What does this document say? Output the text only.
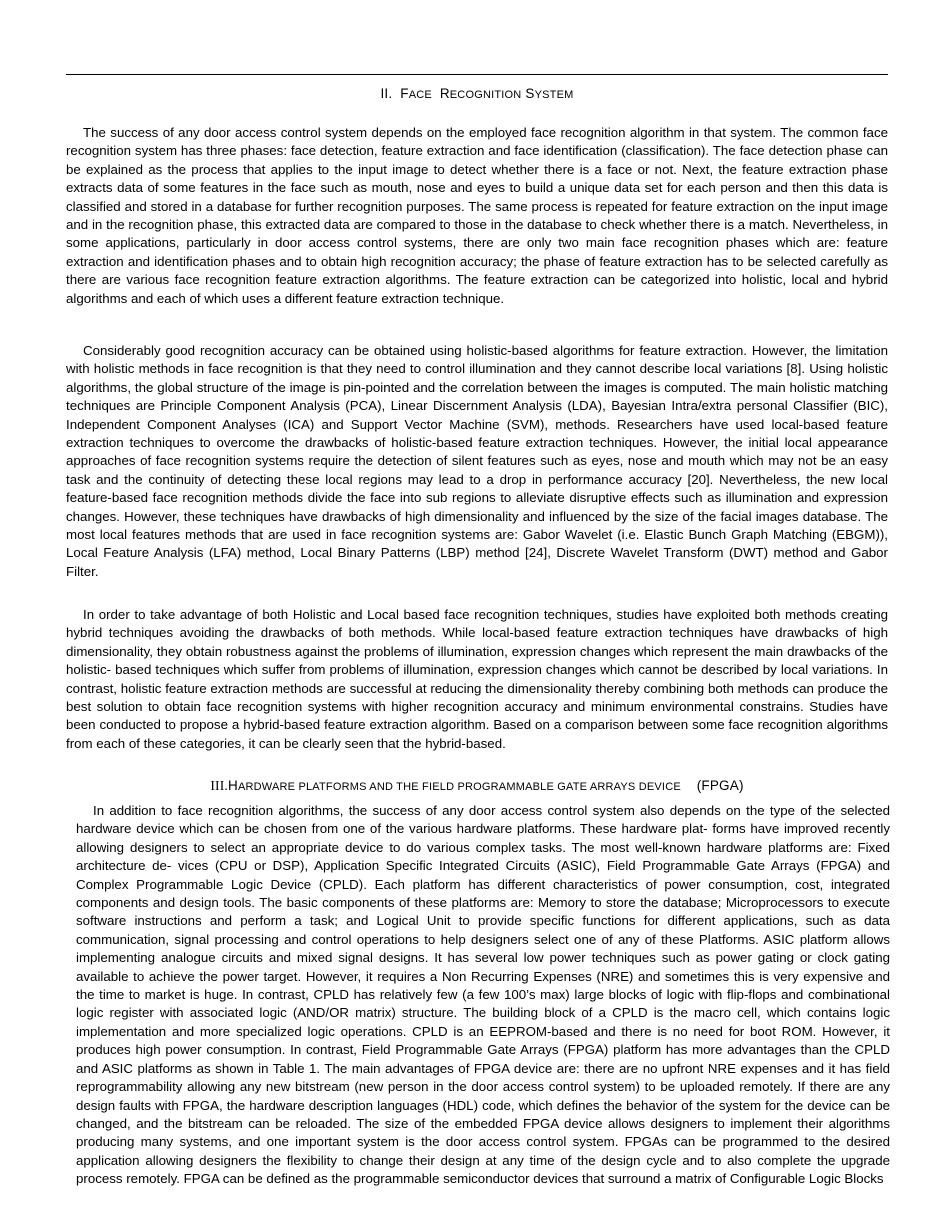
II. FACE RECOGNITION SYSTEM

The success of any door access control system depends on the employed face recognition algorithm in that system. The common face recognition system has three phases: face detection, feature extraction and face identification (classification). The face detection phase can be explained as the process that applies to the input image to detect whether there is a face or not. Next, the feature extraction phase extracts data of some features in the face such as mouth, nose and eyes to build a unique data set for each person and then this data is classified and stored in a database for further recognition purposes. The same process is repeated for feature extraction on the input image and in the recognition phase, this extracted data are compared to those in the database to check whether there is a match. Nevertheless, in some applications, particularly in door access control systems, there are only two main face recognition phases which are: feature extraction and identification phases and to obtain high recognition accuracy; the phase of feature extraction has to be selected carefully as there are various face recognition feature extraction algorithms. The feature extraction can be categorized into holistic, local and hybrid algorithms and each of which uses a different feature extraction technique.

Considerably good recognition accuracy can be obtained using holistic-based algorithms for feature extraction. However, the limitation with holistic methods in face recognition is that they need to control illumination and they cannot describe local variations [8]. Using holistic algorithms, the global structure of the image is pin-pointed and the correlation between the images is computed. The main holistic matching techniques are Principle Component Analysis (PCA), Linear Discernment Analysis (LDA), Bayesian Intra/extra personal Classifier (BIC), Independent Component Analyses (ICA) and Support Vector Machine (SVM), methods. Researchers have used local-based feature extraction techniques to overcome the drawbacks of holistic-based feature extraction techniques. However, the initial local appearance approaches of face recognition systems require the detection of silent features such as eyes, nose and mouth which may not be an easy task and the continuity of detecting these local regions may lead to a drop in performance accuracy [20]. Nevertheless, the new local feature-based face recognition methods divide the face into sub regions to alleviate disruptive effects such as illumination and expression changes. However, these techniques have drawbacks of high dimensionality and influenced by the size of the facial images database. The most local features methods that are used in face recognition systems are: Gabor Wavelet (i.e. Elastic Bunch Graph Matching (EBGM)), Local Feature Analysis (LFA) method, Local Binary Patterns (LBP) method [24], Discrete Wavelet Transform (DWT) method and Gabor Filter.

In order to take advantage of both Holistic and Local based face recognition techniques, studies have exploited both methods creating hybrid techniques avoiding the drawbacks of both methods. While local-based feature extraction techniques have drawbacks of high dimensionality, they obtain robustness against the problems of illumination, expression changes which represent the main drawbacks of the holistic- based techniques which suffer from problems of illumination, expression changes which cannot be described by local variations. In contrast, holistic feature extraction methods are successful at reducing the dimensionality thereby combining both methods can produce the best solution to obtain face recognition systems with higher recognition accuracy and minimum environmental constrains. Studies have been conducted to propose a hybrid-based feature extraction algorithm. Based on a comparison between some face recognition algorithms from each of these categories, it can be clearly seen that the hybrid-based.

III.HARDWARE PLATFORMS AND THE FIELD PROGRAMMABLE GATE ARRAYS DEVICE (FPGA)

In addition to face recognition algorithms, the success of any door access control system also depends on the type of the selected hardware device which can be chosen from one of the various hardware platforms. These hardware plat- forms have improved recently allowing designers to select an appropriate device to do various complex tasks. The most well-known hardware platforms are: Fixed architecture de- vices (CPU or DSP), Application Specific Integrated Circuits (ASIC), Field Programmable Gate Arrays (FPGA) and Complex Programmable Logic Device (CPLD). Each platform has different characteristics of power consumption, cost, integrated components and design tools. The basic components of these platforms are: Memory to store the database; Microprocessors to execute software instructions and perform a task; and Logical Unit to provide specific functions for different applications, such as data communication, signal processing and control operations to help designers select one of any of these Platforms. ASIC platform allows implementing analogue circuits and mixed signal designs. It has several low power techniques such as power gating or clock gating available to achieve the power target. However, it requires a Non Recurring Expenses (NRE) and sometimes this is very expensive and the time to market is huge. In contrast, CPLD has relatively few (a few 100’s max) large blocks of logic with flip-flops and combinational logic register with associated logic (AND/OR matrix) structure. The building block of a CPLD is the macro cell, which contains logic implementation and more specialized logic operations. CPLD is an EEPROM-based and there is no need for boot ROM. However, it produces high power consumption. In contrast, Field Programmable Gate Arrays (FPGA) platform has more advantages than the CPLD and ASIC platforms as shown in Table 1. The main advantages of FPGA device are: there are no upfront NRE expenses and it has field reprogrammability allowing any new bitstream (new person in the door access control system) to be uploaded remotely. If there are any design faults with FPGA, the hardware description languages (HDL) code, which defines the behavior of the system for the device can be changed, and the bitstream can be reloaded. The size of the embedded FPGA device allows designers to implement their algorithms producing many systems, and one important system is the door access control system. FPGAs can be programmed to the desired application allowing designers the flexibility to change their design at any time of the design cycle and to also complete the upgrade process remotely. FPGA can be defined as the programmable semiconductor devices that surround a matrix of Configurable Logic Blocks
